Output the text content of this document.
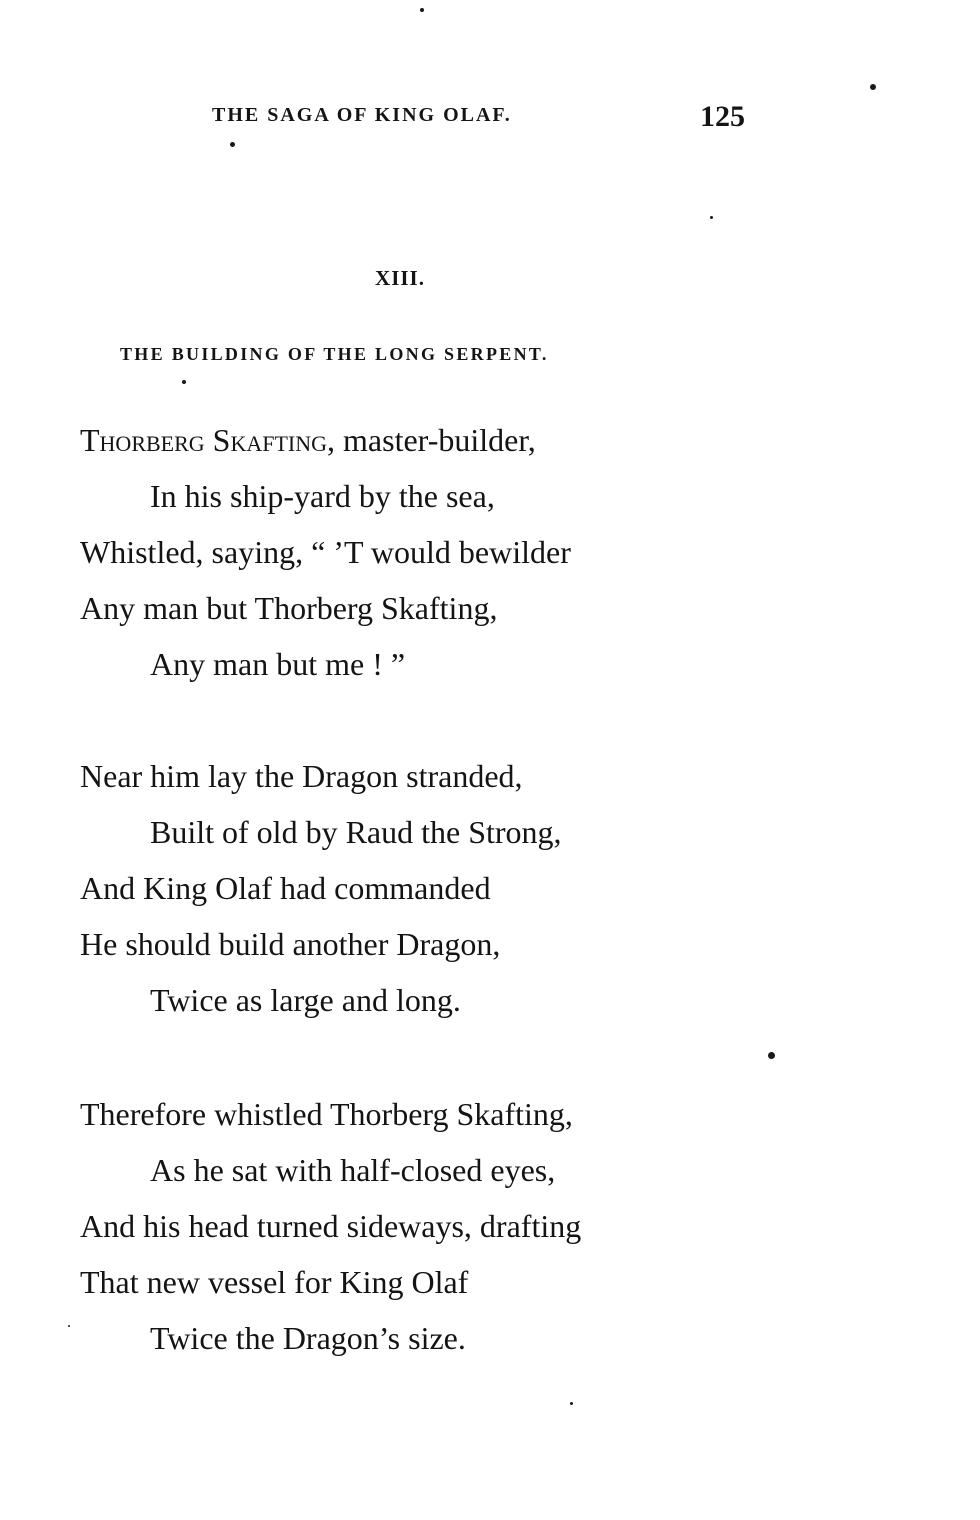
THE SAGA OF KING OLAF.	125
XIII.
THE BUILDING OF THE LONG SERPENT.
Thorberg Skafting, master-builder,
In his ship-yard by the sea,
Whistled, saying, “ ’T would bewilder
Any man but Thorberg Skafting,
Any man but me ! ”
Near him lay the Dragon stranded,
Built of old by Raud the Strong,
And King Olaf had commanded
He should build another Dragon,
Twice as large and long.
Therefore whistled Thorberg Skafting,
As he sat with half-closed eyes,
And his head turned sideways, drafting
That new vessel for King Olaf
Twice the Dragon’s size.
